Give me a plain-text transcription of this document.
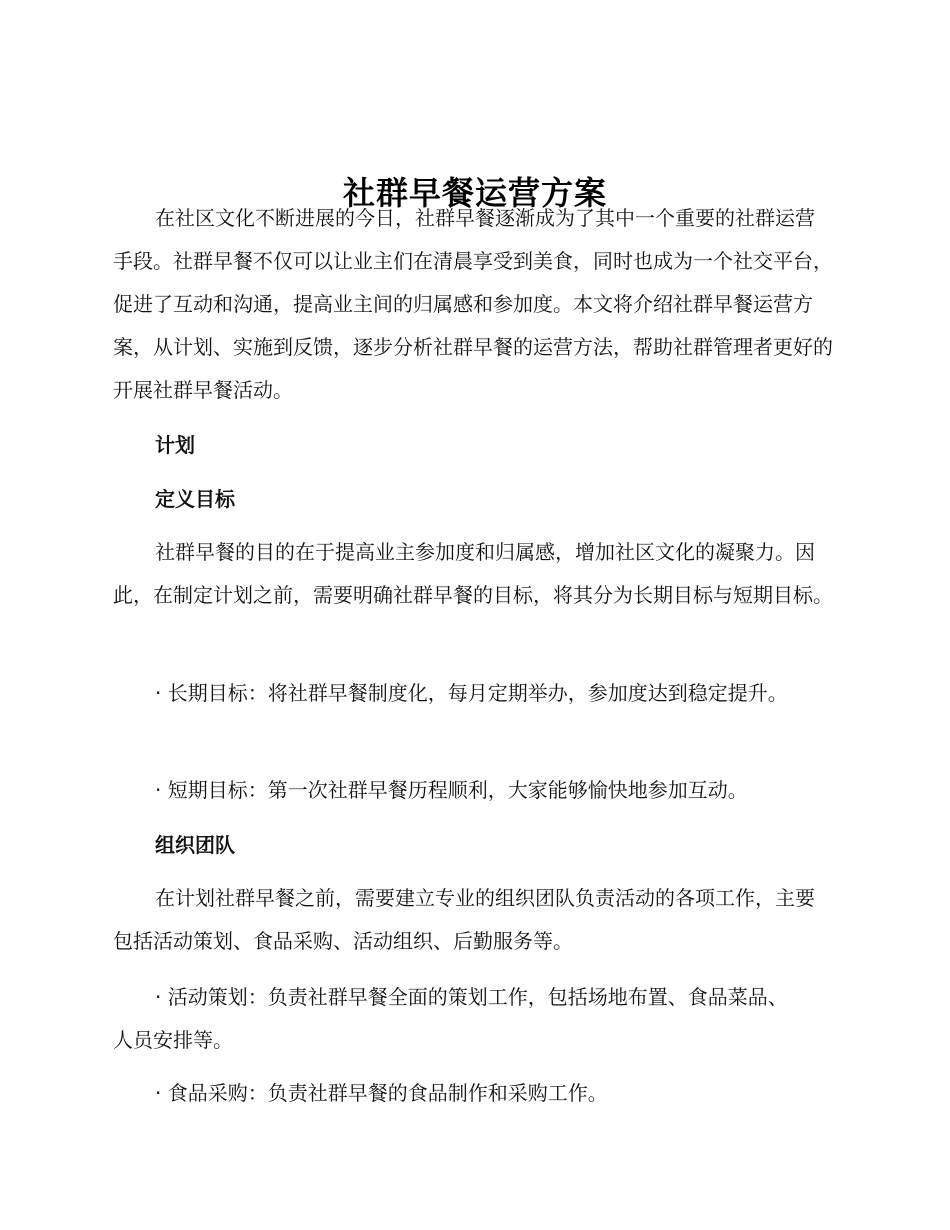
社群早餐运营方案

在社区文化不断进展的今日，社群早餐逐渐成为了其中一个重要的社群运营手段。社群早餐不仅可以让业主们在清晨享受到美食，同时也成为一个社交平台，促进了互动和沟通，提高业主间的归属感和参加度。本文将介绍社群早餐运营方案，从计划、实施到反馈，逐步分析社群早餐的运营方法，帮助社群管理者更好的开展社群早餐活动。

计划
定义目标

社群早餐的目的在于提高业主参加度和归属感，增加社区文化的凝聚力。因此，在制定计划之前，需要明确社群早餐的目标，将其分为长期目标与短期目标。

· 长期目标：将社群早餐制度化，每月定期举办，参加度达到稳定提升。

· 短期目标：第一次社群早餐历程顺利，大家能够愉快地参加互动。

组织团队

在计划社群早餐之前，需要建立专业的组织团队负责活动的各项工作，主要包括活动策划、食品采购、活动组织、后勤服务等。

· 活动策划：负责社群早餐全面的策划工作，包括场地布置、食品菜品、人员安排等。

· 食品采购：负责社群早餐的食品制作和采购工作。
